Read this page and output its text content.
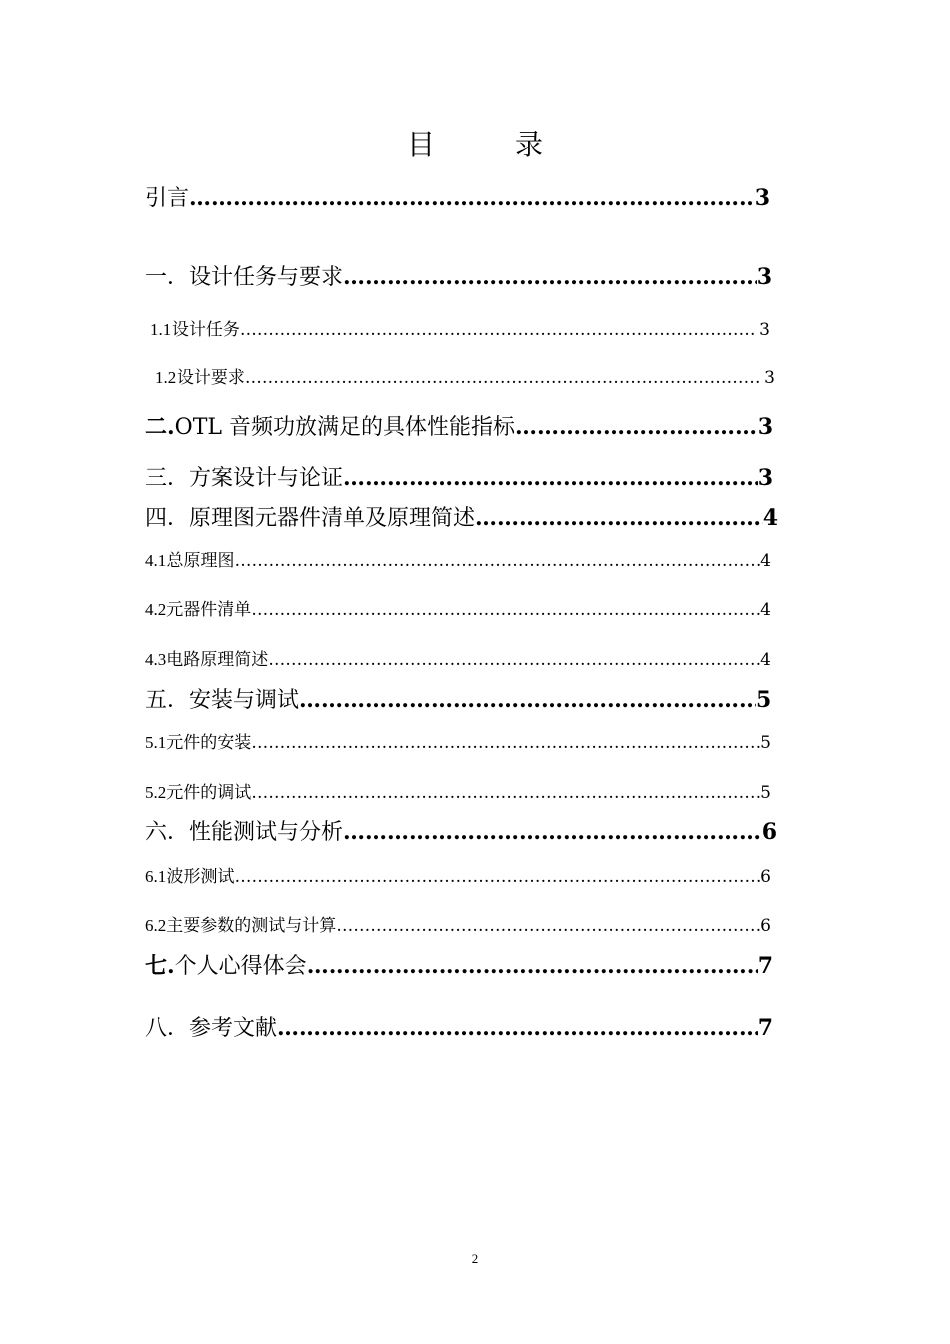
目　录
引言 ………………………………………………………………………………………………………………………………………………………………………………………………	3
一． 设计任务与要求 ………………………………………………………………………………………………………………………………………………………………………………………………	3
1.1 设计任务 ………………………………………………………………………………………………………………………………………………………………………………………………	3
1.2 设计要求 ………………………………………………………………………………………………………………………………………………………………………………………………	3
二. OTL 音频功放满足的具体性能指标 ………………………………………………………………………………………………………………………………………………………………………………………………	3
三． 方案设计与论证 ………………………………………………………………………………………………………………………………………………………………………………………………	3
四． 原理图元器件清单及原理简述 ………………………………………………………………………………………………………………………………………………………………………………………………	4
4.1 总原理图 ………………………………………………………………………………………………………………………………………………………………………………………………	4
4.2 元器件清单 ………………………………………………………………………………………………………………………………………………………………………………………………	4
4.3 电路原理简述 ………………………………………………………………………………………………………………………………………………………………………………………………	4
五． 安装与调试 ………………………………………………………………………………………………………………………………………………………………………………………………	5
5.1 元件的安装 ………………………………………………………………………………………………………………………………………………………………………………………………	5
5.2 元件的调试 ………………………………………………………………………………………………………………………………………………………………………………………………	5
六． 性能测试与分析 ………………………………………………………………………………………………………………………………………………………………………………………………	6
6.1 波形测试 ………………………………………………………………………………………………………………………………………………………………………………………………	6
6.2 主要参数的测试与计算 ………………………………………………………………………………………………………………………………………………………………………………………………	6
七. 个人心得体会 ………………………………………………………………………………………………………………………………………………………………………………………………	7
八． 参考文献 ………………………………………………………………………………………………………………………………………………………………………………………………	7
2
